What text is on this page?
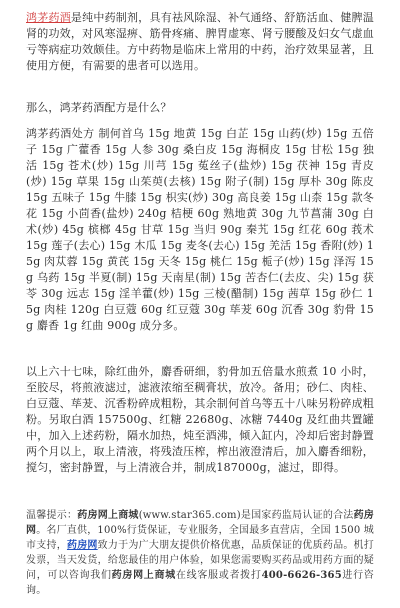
鸿茅药酒是纯中药制剂，具有祛风除湿、补气通络、舒筋活血、健脾温肾的功效，对风寒湿痹、筋骨疼痛、脾胃虚寒、肾亏腰酸及妇女气虚血亏等病症功效颇佳。方中药物是临床上常用的中药，治疗效果显著，且使用方便，有需要的患者可以选用。

那么，鸿茅药酒配方是什么？

鸿茅药酒处方 制何首乌 15g 地黄 15g 白芷 15g 山药(炒) 15g 五倍子 15g 广藿香 15g 人参 30g 桑白皮 15g 海桐皮 15g 甘松 15g 独活 15g 苍术(炒) 15g 川芎 15g 菟丝子(盐炒) 15g 茯神 15g 青皮(炒) 15g 草果 15g 山茱萸(去核) 15g 附子(制) 15g 厚朴 30g 陈皮 15g 五味子 15g 牛膝 15g 枳实(炒) 30g 高良姜 15g 山柰 15g 款冬花 15g 小茴香(盐炒) 240g 桔梗 60g 熟地黄 30g 九节菖蒲 30g 白术(炒) 45g 槟榔 45g 甘草 15g 当归 90g 秦艽 15g 红花 60g 莪术 15g 莲子(去心) 15g 木瓜 15g 麦冬(去心) 15g 羌活 15g 香附(炒) 15g 肉苁蓉 15g 黄芪 15g 天冬 15g 桃仁 15g 栀子(炒) 15g 泽泻 15g 乌药 15g 半夏(制) 15g 天南星(制) 15g 苦杏仁(去皮、尖) 15g 获苓 30g 远志 15g 淫羊藿(炒) 15g 三棱(醋制) 15g 茜草 15g 砂仁 15g 肉桂 120g 白豆蔻 60g 红豆蔻 30g 荜茇 60g 沉香 30g 豹骨 15g 麝香 1g 红曲 900g 成分多。

以上六十七味，除红曲外，麝香研细，豹骨加五倍量水煎煮 10 小时，至胶尽，将煎液滤过，滤液浓缩至稠膏状，放冷。备用；砂仁、肉桂、白豆蔻、荜茇、沉香粉碎成粗粉，其余制何首乌等五十八味另粉碎成粗粉。另取白酒 157500g、红糖 22680g、冰糖 7440g 及红曲共置罐中，加入上述药粉，隔水加热，炖至酒沸，倾入缸内，冷却后密封静置两个月以上，取上清液，将残渣压榨，榨出液澄清后，加入麝香细粉，搅匀，密封静置，与上清液合并，制成187000g，滤过，即得。

温馨提示：药房网上商城(www.star365.com)是国家药监局认证的合法药房网。名厂直供，100%行货保证，专业服务，全国最多直营店，全国 1500 城市支持，药房网致力于为广大朋友提供价格优惠，品质保证的优质药品。机打发票，当天发货，给您最佳的用户体验，如果您需要购买药品或用药方面的疑问，可以咨询我们药房网上商城在线客服或者拨打400-6626-365进行咨询。
